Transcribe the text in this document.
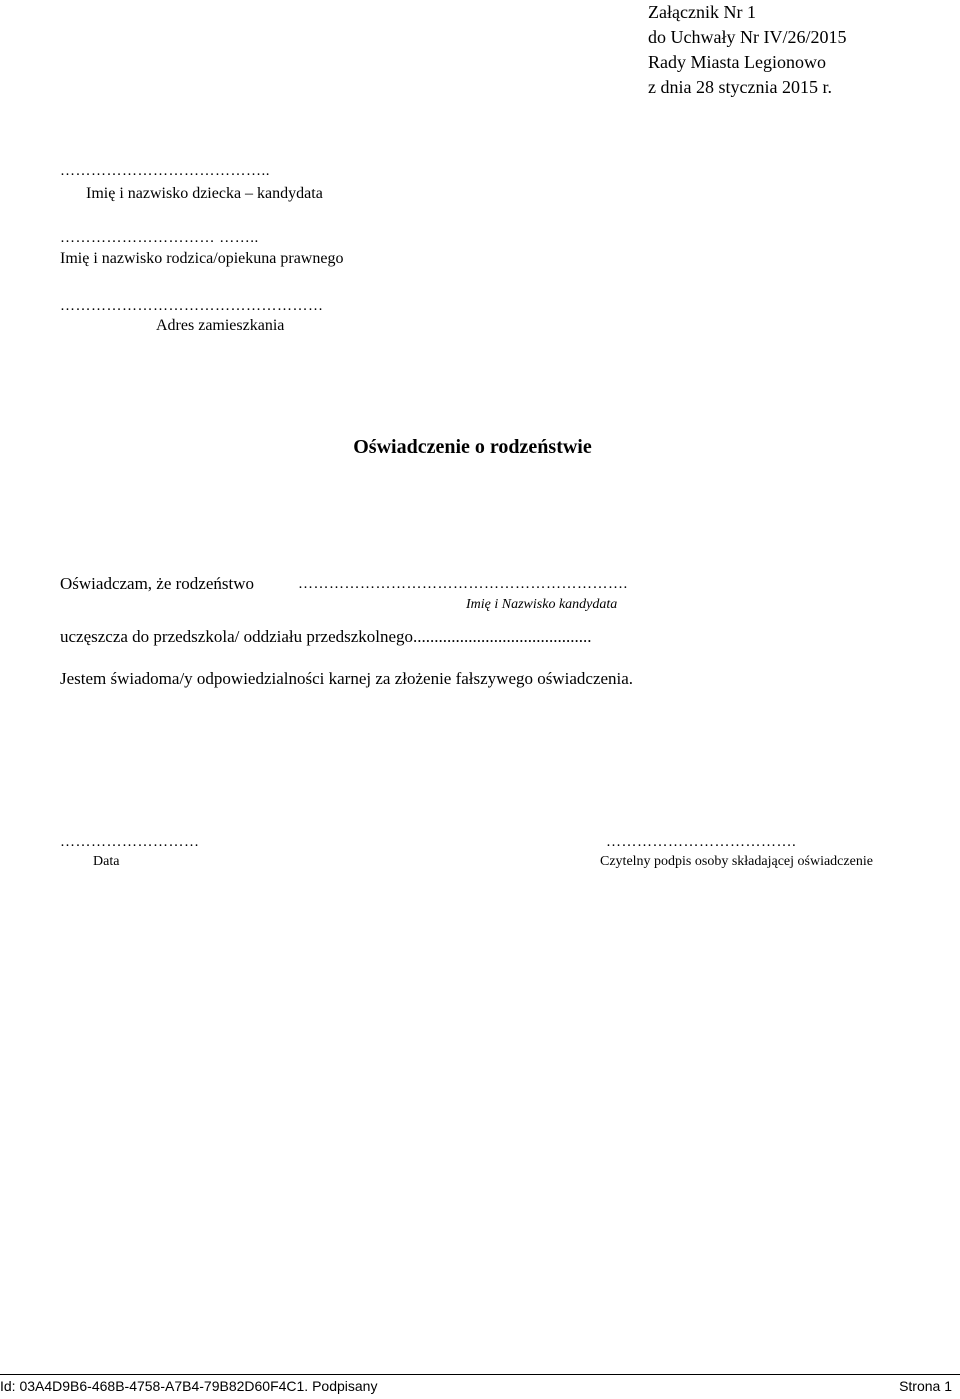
Załącznik Nr 1
do Uchwały Nr IV/26/2015
Rady Miasta Legionowo
z dnia 28 stycznia 2015 r.
…………………………………..
Imię i nazwisko dziecka – kandydata
………………………… ……..
Imię i nazwisko rodzica/opiekuna prawnego
……………………………………………
Adres zamieszkania
Oświadczenie o rodzeństwie
Oświadczam, że rodzeństwo	……………………………………………………….
Imię i Nazwisko kandydata
uczęszcza do przedszkola/ oddziału przedszkolnego..........................................
Jestem świadoma/y odpowiedzialności karnej za złożenie fałszywego oświadczenia.
………………………
Data
……………………………….
Czytelny podpis osoby składającej oświadczenie
Id: 03A4D9B6-468B-4758-A7B4-79B82D60F4C1. Podpisany	Strona 1
